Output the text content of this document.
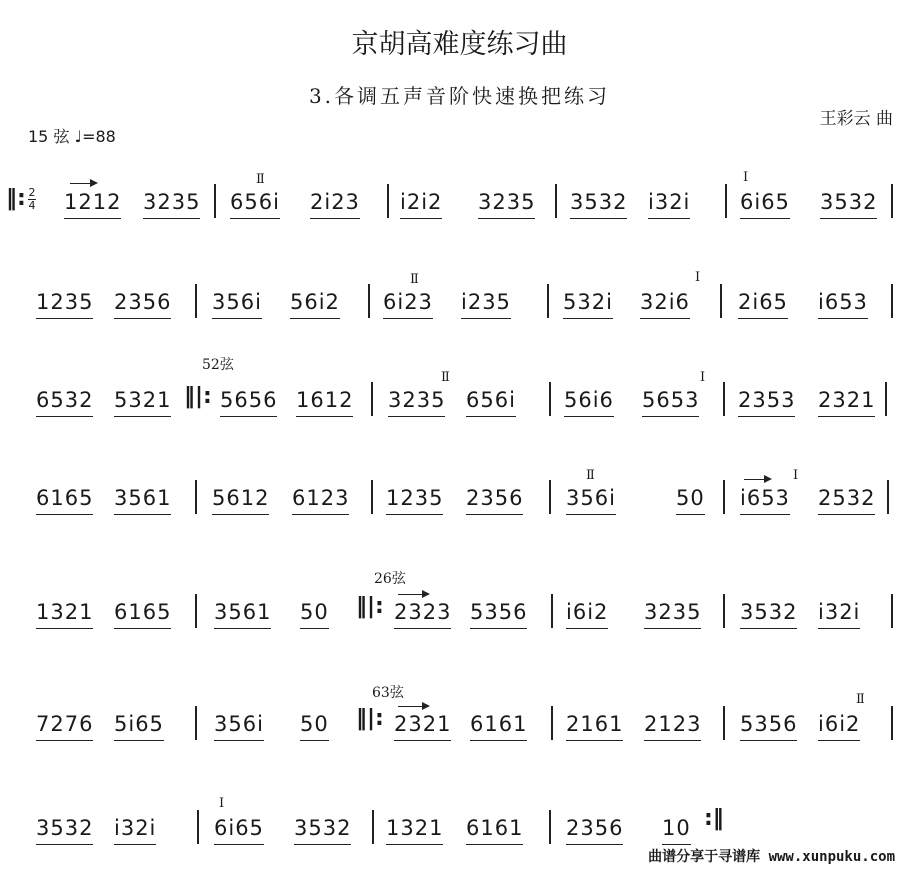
京胡高难度练习曲
3.各调五声音阶快速换把练习
王彩云 曲
15 弦 ♩=88
‖: 2
4 1212 3235
Ⅱ
656i 2i23 i2i2 3235 3532 i32i
Ⅰ
6i65 3532
1235 2356 356i 56i2
Ⅱ
6i23 i235 532i
Ⅰ
32i6 2i65 i653
6532 5321 ‖|:
52弦
5656 1612
Ⅱ
3235 656i 56i6
Ⅰ
5653 2353 2321
6165 3561 5612 6123 1235 2356
Ⅱ
356i	50
Ⅰ
i653 2532
1321 6165 3561 50 ‖|:
26弦
2323 5356 i6i2 3235 3532 i32i
7276 5i65 356i 50 ‖|:
63弦
2321 6161 2161 2123 5356
Ⅱ
i6i2
3532 i32i
Ⅰ
6i65 3532 1321 6161 2356 10 :‖
曲谱分享于寻谱库 www.xunpuku.com
